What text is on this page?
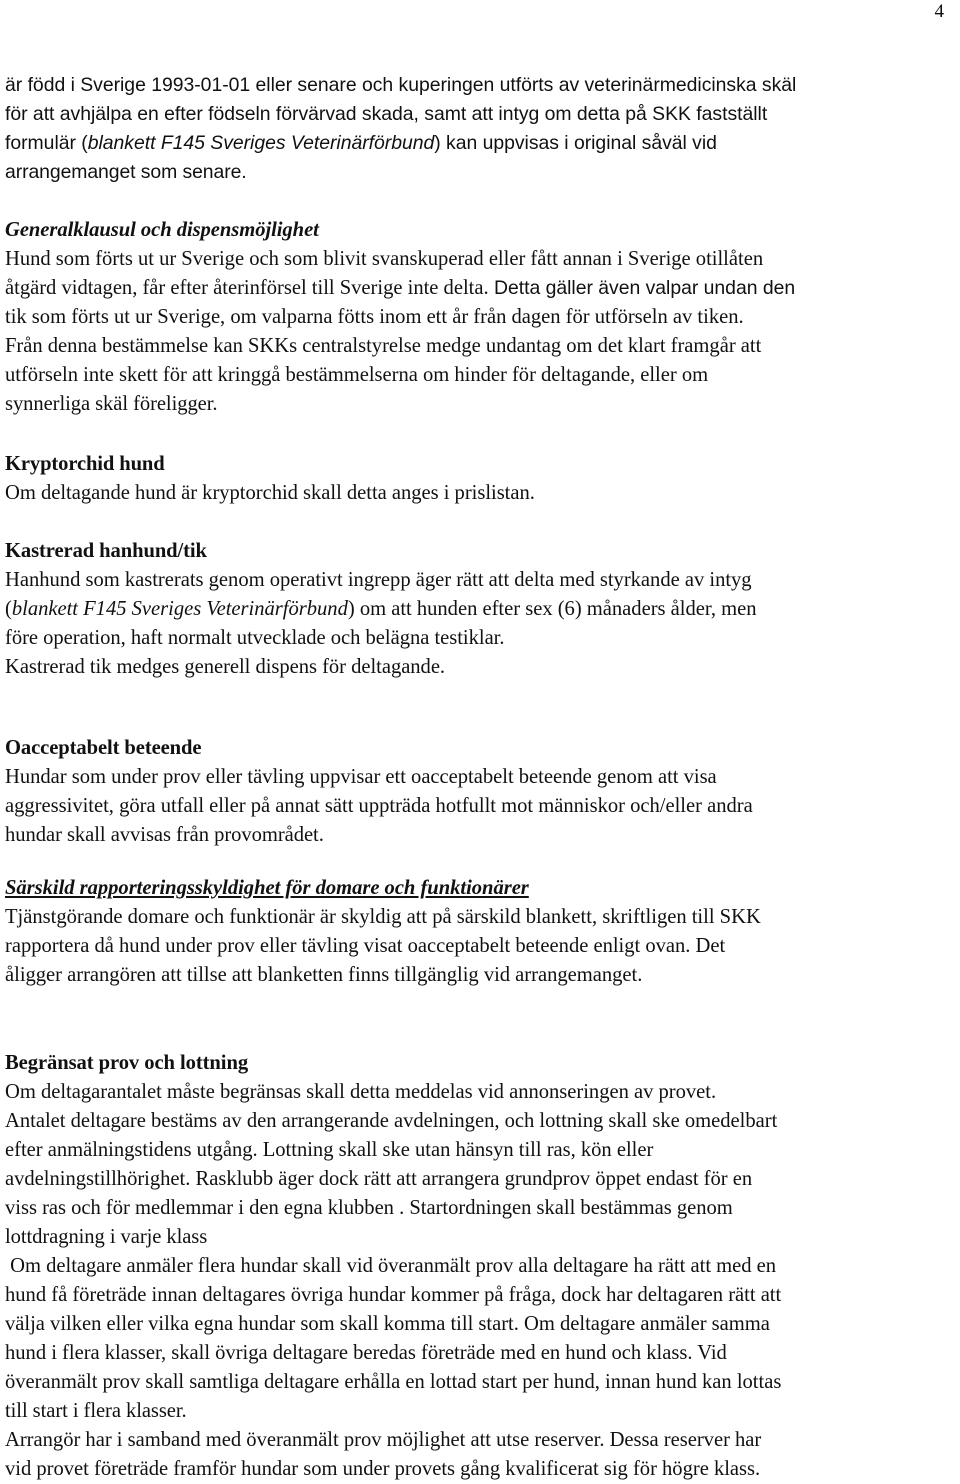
4
är född i Sverige 1993-01-01 eller senare och kuperingen utförts av veterinärmedicinska skäl
för att avhjälpa en efter födseln förvärvad skada, samt att intyg om detta på SKK fastställt
formulär (blankett F145 Sveriges Veterinärförbund) kan uppvisas i original såväl vid
arrangemanget som senare.
Generalklausul och dispensmöjlighet
Hund som förts ut ur Sverige och som blivit svanskuperad eller fått annan i Sverige otillåten
åtgärd vidtagen, får efter återinförsel till Sverige inte delta. Detta gäller även valpar undan den
tik som förts ut ur Sverige, om valparna fötts inom ett år från dagen för utförseln av tiken.
Från denna bestämmelse kan SKKs centralstyrelse medge undantag om det klart framgår att
utförseln inte skett för att kringgå bestämmelserna om hinder för deltagande, eller om
synnerliga skäl föreligger.
Kryptorchid hund
Om deltagande hund är kryptorchid skall detta anges i prislistan.
Kastrerad hanhund/tik
Hanhund som kastrerats genom operativt ingrepp äger rätt att delta med styrkande av intyg
(blankett F145 Sveriges Veterinärförbund) om att hunden efter sex (6) månaders ålder, men
före operation, haft normalt utvecklade och belägna testiklar.
Kastrerad tik medges generell dispens för deltagande.
Oacceptabelt beteende
Hundar som under prov eller tävling uppvisar ett oacceptabelt beteende genom att visa
aggressivitet, göra utfall eller på annat sätt uppträda hotfullt mot människor och/eller andra
hundar skall avvisas från provområdet.
Särskild rapporteringsskyldighet för domare och funktionärer
Tjänstgörande domare och funktionär är skyldig att på särskild blankett, skriftligen till SKK
rapportera då hund under prov eller tävling visat oacceptabelt beteende enligt ovan. Det
åligger arrangören att tillse att blanketten finns tillgänglig vid arrangemanget.
Begränsat prov och lottning
Om deltagarantalet måste begränsas skall detta meddelas vid annonseringen av provet.
Antalet deltagare bestäms av den arrangerande avdelningen, och lottning skall ske omedelbart
efter anmälningstidens utgång. Lottning skall ske utan hänsyn till ras, kön eller
avdelningstillhörighet. Rasklubb äger dock rätt att arrangera grundprov öppet endast för en
viss ras och för medlemmar i den egna klubben . Startordningen skall bestämmas genom
lottdragning i varje klass
Om deltagare anmäler flera hundar skall vid överanmält prov alla deltagare ha rätt att med en
hund få företräde innan deltagares övriga hundar kommer på fråga, dock har deltagaren rätt att
välja vilken eller vilka egna hundar som skall komma till start. Om deltagare anmäler samma
hund i flera klasser, skall övriga deltagare beredas företräde med en hund och klass. Vid
överanmält prov skall samtliga deltagare erhålla en lottad start per hund, innan hund kan lottas
till start i flera klasser.
Arrangör har i samband med överanmält prov möjlighet att utse reserver. Dessa reserver har
vid provet företräde framför hundar som under provets gång kvalificerat sig för högre klass.
